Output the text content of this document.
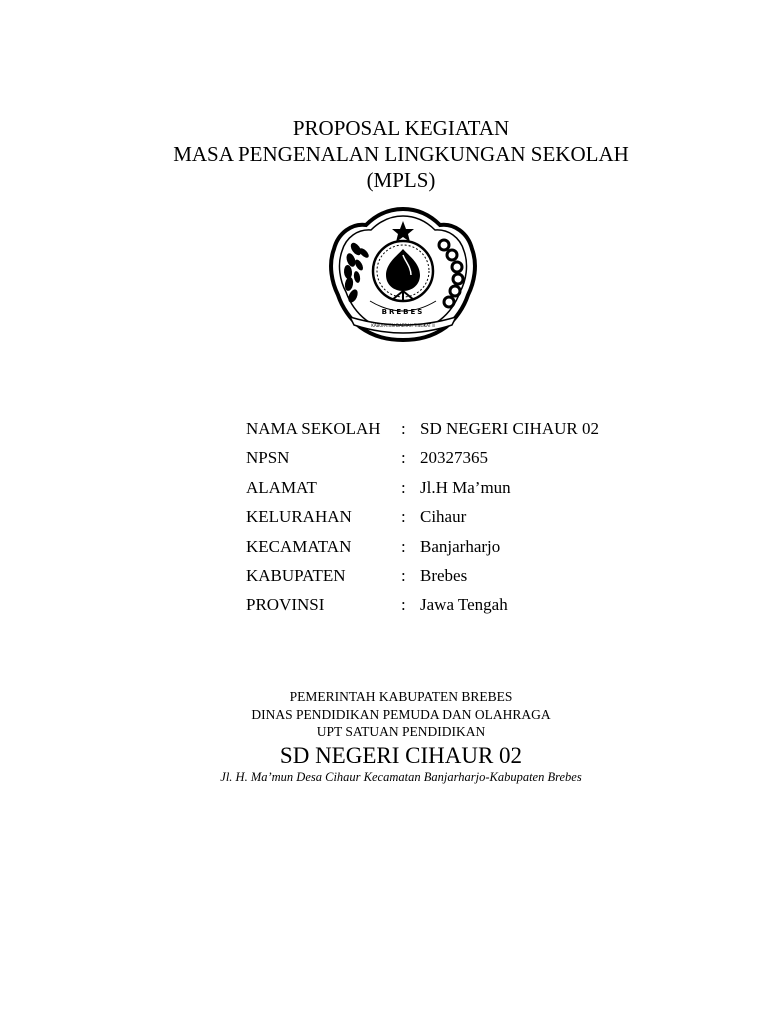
PROPOSAL KEGIATAN
MASA PENGENALAN LINGKUNGAN SEKOLAH
(MPLS)
BREBES
KABUPATEN DAERAH TINGKAT II
NAMA SEKOLAH : SD NEGERI CIHAUR 02
NPSN	: 20327365
ALAMAT	: Jl.H Ma’mun
KELURAHAN	: Cihaur
KECAMATAN	: Banjarharjo
KABUPATEN	: Brebes
PROVINSI	: Jawa Tengah
PEMERINTAH KABUPATEN BREBES
DINAS PENDIDIKAN PEMUDA DAN OLAHRAGA
UPT SATUAN PENDIDIKAN
SD NEGERI CIHAUR 02
Jl. H. Ma’mun Desa Cihaur Kecamatan Banjarharjo-Kabupaten Brebes
